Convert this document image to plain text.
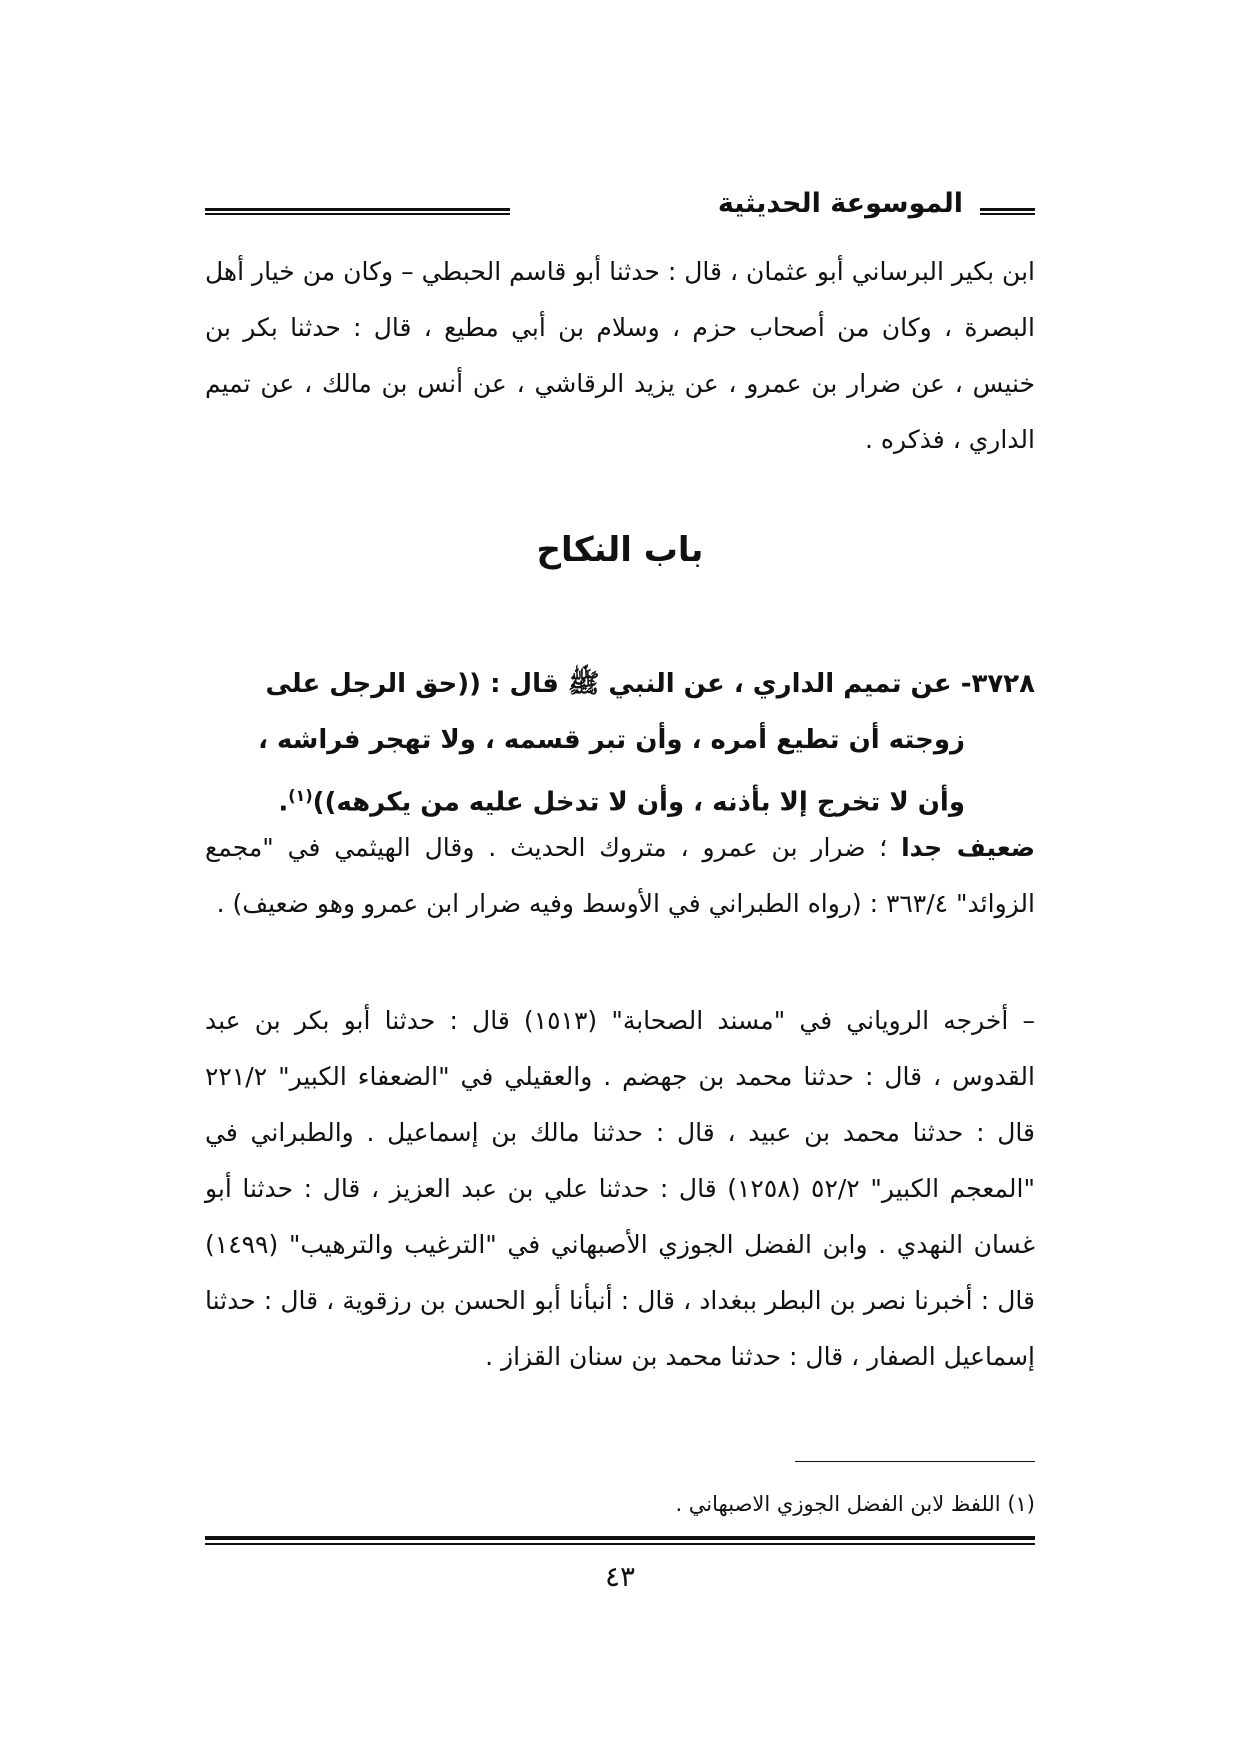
الموسوعة الحديثية
ابن بكير البرساني أبو عثمان ، قال : حدثنا أبو قاسم الحبطي – وكان من خيار أهل البصرة ، وكان من أصحاب حزم ، وسلام بن أبي مطيع ، قال : حدثنا بكر بن خنيس ، عن ضرار بن عمرو ، عن يزيد الرقاشي ، عن أنس بن مالك ، عن تميم الداري ، فذكره .
باب النكاح
٣٧٢٨- عن تميم الداري ، عن النبي ﷺ قال : ((حق الرجل على
زوجته أن تطيع أمره ، وأن تبر قسمه ، ولا تهجر فراشه ،
وأن لا تخرج إلا بأذنه ، وأن لا تدخل عليه من يكرهه))$^{(١)}$.
ضعيف جدا ؛ ضرار بن عمرو ، متروك الحديث . وقال الهيثمي في "مجمع الزوائد" ٣٦٣/٤ : (رواه الطبراني في الأوسط وفيه ضرار ابن عمرو وهو ضعيف) .
– أخرجه الروياني في "مسند الصحابة" (١٥١٣) قال : حدثنا أبو بكر بن عبد القدوس ، قال : حدثنا محمد بن جهضم . والعقيلي في "الضعفاء الكبير" ٢٢١/٢ قال : حدثنا محمد بن عبيد ، قال : حدثنا مالك بن إسماعيل . والطبراني في "المعجم الكبير" ٥٢/٢ (١٢٥٨) قال : حدثنا علي بن عبد العزيز ، قال : حدثنا أبو غسان النهدي . وابن الفضل الجوزي الأصبهاني في "الترغيب والترهيب" (١٤٩٩) قال : أخبرنا نصر بن البطر ببغداد ، قال : أنبأنا أبو الحسن بن رزقوية ، قال : حدثنا إسماعيل الصفار ، قال : حدثنا محمد بن سنان القزاز .
(١) اللفظ لابن الفضل الجوزي الاصبهاني .
٤٣
